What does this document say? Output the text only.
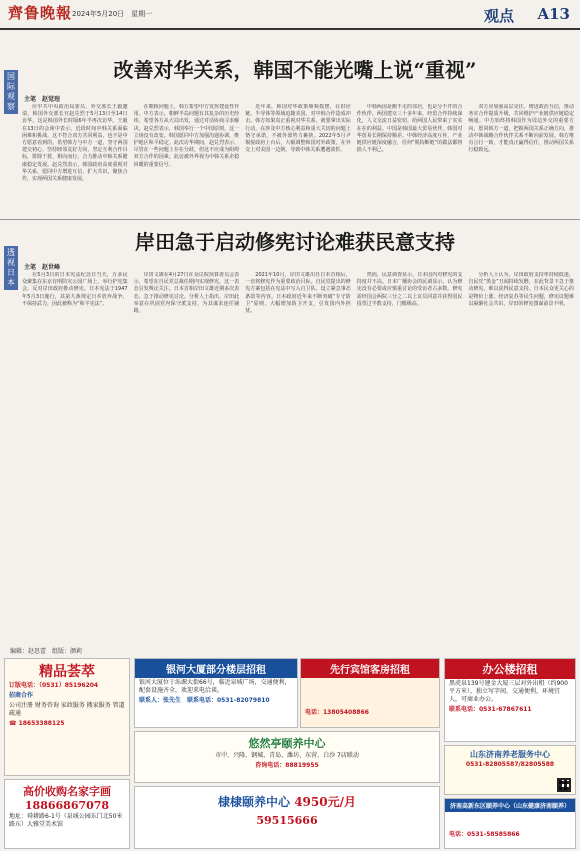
齊鲁晚報 2024年5月20日　星期一	观点 A13
国
际
观
察
改善对华关系，韩国不能光嘴上说“重视”
主笔　赵觉珵
应中共中央政治局委员、外交部长王毅邀请，韩国外交部长官赵兑烈于5月13日至14日访华。这是韩国外长时隔6年半再次访华。王毅在13日的会谈中表示，近段时间中韩关系面临困难和挑战，这不符合双方共同利益，也不是中方愿意看到的。希望韩方与中方一道，坚守两国建交初心，坚持睦邻友好方向，坚定互利合作目标，排除干扰，相向而行，合力推动中韩关系健康稳定发展。赵兑烈表示，韩国政府高度重视对华关系，愿同中方增进互信，扩大共识，聚焦合作，实现两国关系健康发展。
在朝核问题上，韩方希望中方发挥建设性作用。中方表示，朝鲜半岛问题有其复杂的历史经纬，希望各方从大局出发，通过对话协商寻求解决。赵兑烈表示，韩国奉行一个中国原则，这一立场没有改变。韩国愿同中方加强沟通协调，维护地区和平稳定。此次访华期间，赵兑烈表示，尽管在一些问题上存在分歧，但这不应成为阻碍双方合作的因素。此访被外界视为中韩关系企稳回暖的重要信号。
近年来，韩国对华政策频频摇摆，在供应链、半导体等领域追随美国，对中韩合作造成冲击。韩方如果真正重视对华关系，就要拿出实际行动，在涉及中方核心利益和重大关切的问题上恪守承诺，不被外部势力裹挟。2022年5月尹锡悦政府上台后，大幅调整韩国对外政策，在外交上对美国一边倒，导致中韩关系遭遇波折。
中韩两国是搬不走的邻居，也是分不开的合作伙伴。两国建交三十多年来，经贸合作持续深化，人文交流日益密切，给两国人民带来了实实在在的利益。中国是韩国最大贸易伙伴，韩国对华贸易长期保持顺差。中韩经济高度互补，产业链供应链深度融合，任何“脱钩断链”的做法都将损人不利己。
双方应加强高层交往，增进政治互信，推动务实合作提质升级，共同维护产业链供应链稳定畅通。中方始终将韩国作为周边外交的重要方向，愿同韩方一道，把握两国关系正确方向，推动中韩战略合作伙伴关系不断向前发展。韩方唯有言行一致，才能真正赢得信任，推动两国关系行稳致远。
透
视
日
本
岸田急于启动修宪讨论难获民意支持
主笔　赵世峰
在5月3日的日本宪法纪念日当天，万多民众聚集在东京有明防灾公园广场上，举行护宪集会，反对岸田政府推动修宪。日本宪法于1947年5月3日施行，其第九条规定日本放弃战争、不保持武力，因此被称为“和平宪法”。
岸田文雄在4月27日在众议院预算委员会表示，希望在自民党总裁任期内实现修宪，这一表态引发舆论关注。日本首相岸田文雄近期多次表态，急于推动修宪讨论。分析人士指出，岸田此举意在巩固党内保守派支持，为其谋求连任铺路。
2021年10月，岸田文雄出任日本首相后，一直将修宪作为重要政治目标。自民党提出的修宪方案包括在宪法中写入自卫队、设立紧急事态条款等内容。日本政府近年来不断突破“专守防卫”原则，大幅增加防卫开支，引发国内外担忧。
然而，民意调查显示，日本国内对修宪的支持度并不高。日本广播协会的民调显示，认为修宪没有必要或应慎重讨论的受访者占多数。修宪需经国会两院三分之二以上议员同意并获得国民投票过半数支持，门槛极高。
分析人士认为，岸田政府支持率持续低迷，自民党“黑金”丑闻持续发酵，在此背景下急于推动修宪，难以获得民意支持。日本民众更关心的是物价上涨、经济复苏等民生问题，修宪议题难以凝聚社会共识，岸田的修宪图谋前景不明。
编辑：赵思蕾　组版：颜莉
精品荟萃
订版电话：（0531）85196204
招商合作
公司注册 财务咨询 家政服务 搬家服务 管道疏通
☎ 18653388125
高价收购名家字画
18866867078
地址：舜耕路6-1号（泉城公园东门北50米路东）大雅堂美术馆
银河大厦部分楼层招租
银河大厦位于泺源大街66号，临近泉城广场，交通便利，配套设施齐全，欢迎来电洽谈。
联系人：张先生　联系电话：0531-82079810
先行宾馆客房招租
电话：13805408866
悠然亭颐养中心
市中、兴隆、钢城、青岛、潍坊、东营、白沙 7店联动
咨询电话：88819955
棣棣颐养中心 4950元/月
59515666
办公楼招租
黑虎泉139号建金大厦三层对外出租（约900平方米），独立写字间，交通便利，环境宜人，可商业办公。
联系电话：0531-67867611
山东济南养老服务中心
0531-82805587/82805588
济南高新东区颐养中心（山东健康济南颐养）
电话：0531-58585866
